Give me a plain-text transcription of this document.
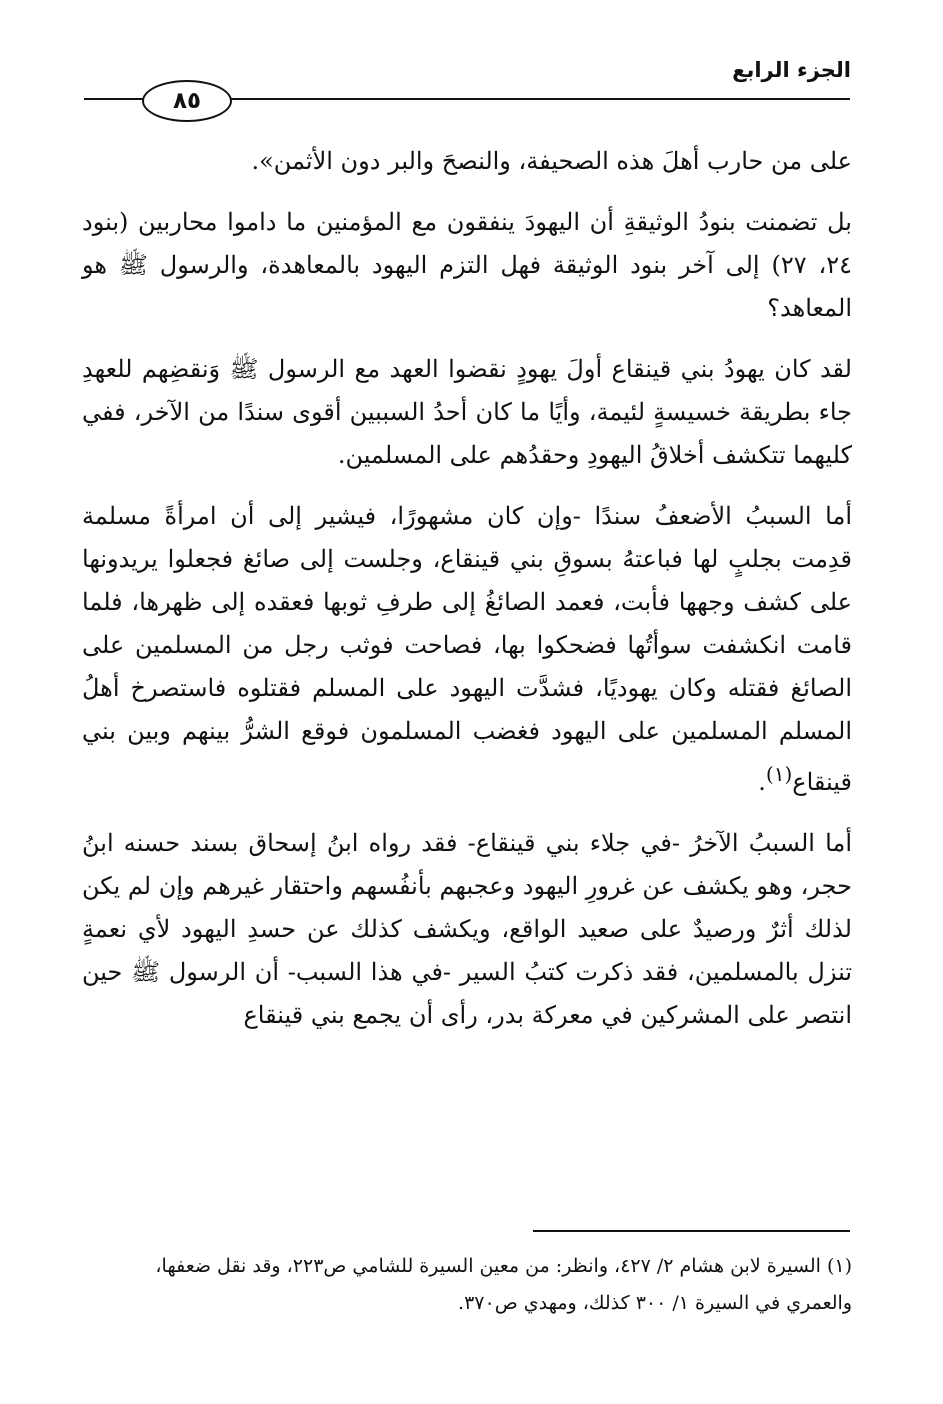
الجزء الرابع
٨٥

على من حارب أهلَ هذه الصحيفة، والنصحَ والبر دون الأثمن».

بل تضمنت بنودُ الوثيقةِ أن اليهودَ ينفقون مع المؤمنين ما داموا محاربين (بنود ٢٤، ٢٧) إلى آخر بنود الوثيقة فهل التزم اليهود بالمعاهدة، والرسول ﷺ هو المعاهد؟

لقد كان يهودُ بني قينقاع أولَ يهودٍ نقضوا العهد مع الرسول ﷺ وَنقضِهم للعهدِ جاء بطريقة خسيسةٍ لئيمة، وأيًا ما كان أحدُ السببين أقوى سندًا من الآخر، ففي كليهما تتكشف أخلاقُ اليهودِ وحقدُهم على المسلمين.

أما السببُ الأضعفُ سندًا -وإن كان مشهورًا، فيشير إلى أن امرأةً مسلمة قدِمت بجلبٍ لها فباعتهُ بسوقِ بني قينقاع، وجلست إلى صائغ فجعلوا يريدونها على كشف وجهها فأبت، فعمد الصائغُ إلى طرفِ ثوبها فعقده إلى ظهرها، فلما قامت انكشفت سوأتُها فضحكوا بها، فصاحت فوثب رجل من المسلمين على الصائغ فقتله وكان يهوديًا، فشدَّت اليهود على المسلم فقتلوه فاستصرخ أهلُ المسلم المسلمين على اليهود فغضب المسلمون فوقع الشرُّ بينهم وبين بني قينقاع$^{(١)}$.

أما السببُ الآخرُ -في جلاء بني قينقاع- فقد رواه ابنُ إسحاق بسند حسنه ابنُ حجر، وهو يكشف عن غرورِ اليهود وعجبهم بأنفُسهم واحتقار غيرهم وإن لم يكن لذلك أثرٌ ورصيدٌ على صعيد الواقع، ويكشف كذلك عن حسدِ اليهود لأي نعمةٍ تنزل بالمسلمين، فقد ذكرت كتبُ السير -في هذا السبب- أن الرسول ﷺ حين انتصر على المشركين في معركة بدر، رأى أن يجمع بني قينقاع

(١) السيرة لابن هشام ٢/ ٤٢٧، وانظر: من معين السيرة للشامي ص٢٢٣، وقد نقل ضعفها،

والعمري في السيرة ١/ ٣٠٠ كذلك، ومهدي ص٣٧٠.
